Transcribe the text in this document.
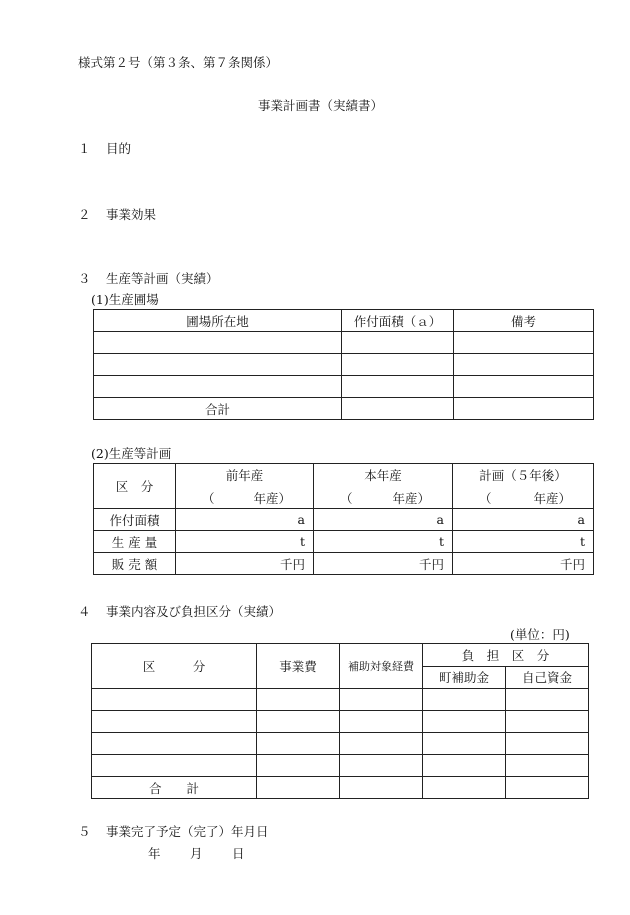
様式第２号（第３条、第７条関係）
事業計画書（実績書）
１ 目的
２ 事業効果
３ 生産等計画（実績）
(1)生産圃場
圃場所在地	作付面積（ａ）	備考

合計		
(2)生産等計画
区　分	前年産	本年産	計画（５年後）

	（ 年産）	（ 年産）	（ 年産）

作付面積	a	a	a
生 産 量	t	t	t
販 売 額	千円	千円	千円
４ 事業内容及び負担区分（実績）
(単位：円)
区　　　分	事業費	補助対象経費	負　担　区　分	
			町補助金	自己資金

合　　計				
５ 事業完了予定（完了）年月日
年 月 日
